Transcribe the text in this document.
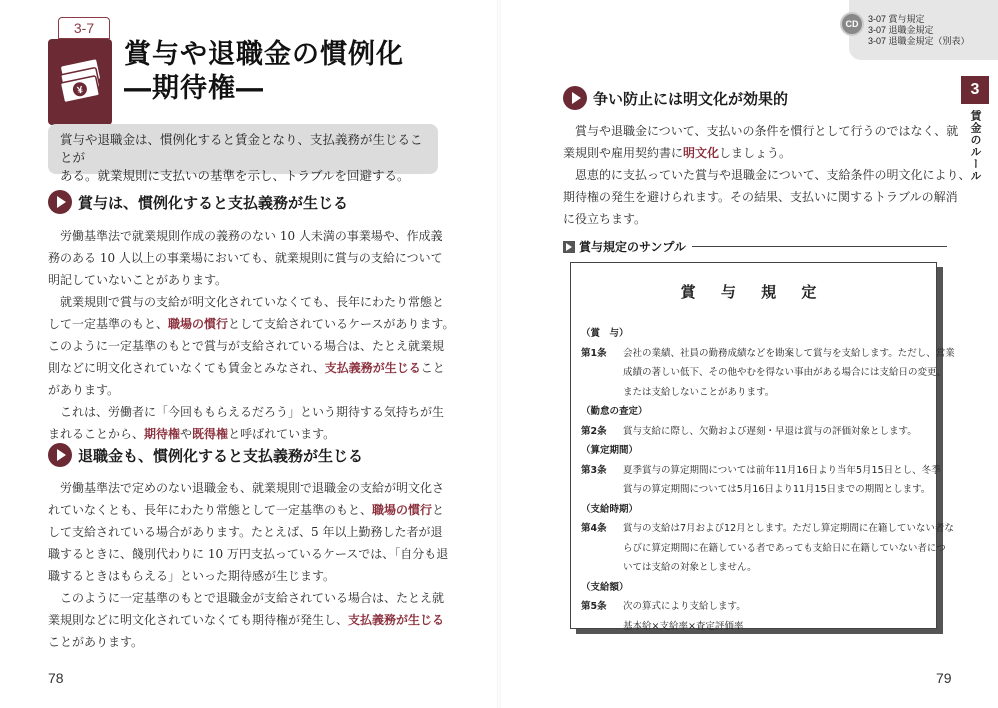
¥
3-7
賞与や退職金の慣例化
―期待権―
賞与や退職金は、慣例化すると賃金となり、支払義務が生じることが
ある。就業規則に支払いの基準を示し、トラブルを回避する。
賞与は、慣例化すると支払義務が生じる

　労働基準法で就業規則作成の義務のない 10 人未満の事業場や、作成義

務のある 10 人以上の事業場においても、就業規則に賞与の支給について

明記していないことがあります。

　就業規則で賞与の支給が明文化されていなくても、長年にわたり常態と

して一定基準のもと、職場の慣行として支給されているケースがあります。

このように一定基準のもとで賞与が支給されている場合は、たとえ就業規

則などに明文化されていなくても賃金とみなされ、支払義務が生じること

があります。

　これは、労働者に「今回ももらえるだろう」という期待する気持ちが生

まれることから、期待権や既得権と呼ばれています。

退職金も、慣例化すると支払義務が生じる

　労働基準法で定めのない退職金も、就業規則で退職金の支給が明文化さ

れていなくとも、長年にわたり常態として一定基準のもと、職場の慣行と

して支給されている場合があります。たとえば、5 年以上勤務した者が退

職するときに、餞別代わりに 10 万円支払っているケースでは、「自分も退

職するときはもらえる」といった期待感が生じます。

　このように一定基準のもとで退職金が支給されている場合は、たとえ就

業規則などに明文化されていなくても期待権が発生し、支払義務が生じる

ことがあります。

78
CD	3-07 賞与規定
3-07 退職金規定
3-07 退職金規定（別表）
3
賃金のルール
争い防止には明文化が効果的

　賞与や退職金について、支払いの条件を慣行として行うのではなく、就

業規則や雇用契約書に明文化しましょう。

　恩恵的に支払っていた賞与や退職金について、支給条件の明文化により、

期待権の発生を避けられます。その結果、支払いに関するトラブルの解消

に役立ちます。

賞与規定のサンプル
賞 与 規 定
（賞　与）
第1条 会社の業績、社員の勤務成績などを勘案して賞与を支給します。ただし、営業
成績の著しい低下、その他やむを得ない事由がある場合には支給日の変更、
または支給しないことがあります。
（勤怠の査定）
第2条 賞与支給に際し、欠勤および遅刻・早退は賞与の評価対象とします。
（算定期間）
第3条 夏季賞与の算定期間については前年11月16日より当年5月15日とし、冬季
賞与の算定期間については5月16日より11月15日までの期間とします。
（支給時期）
第4条 賞与の支給は7月および12月とします。ただし算定期間に在籍していない者な
らびに算定期間に在籍している者であっても支給日に在籍していない者につ
いては支給の対象としません。
（支給額）
第5条 次の算式により支給します。
基本給×支給率×査定評価率
79
